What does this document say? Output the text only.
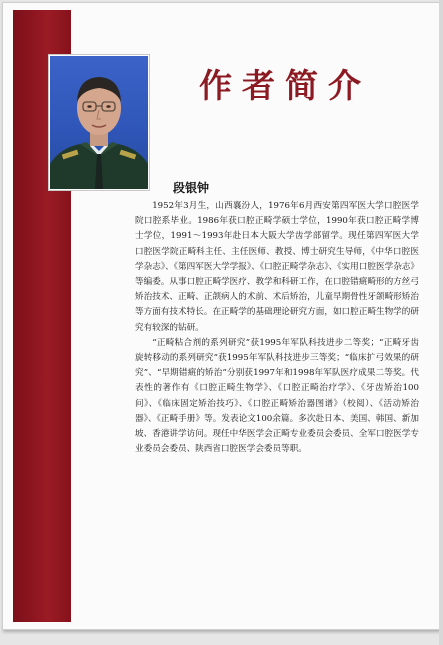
作者简介
段银钟

1952年3月生，山西襄汾人，1976年6月西安第四军医大学口腔医学院口腔系毕业。1986年获口腔正畸学硕士学位，1990年获口腔正畸学博士学位，1991～1993年赴日本大阪大学齿学部留学。现任第四军医大学口腔医学院正畸科主任、主任医师、教授、博士研究生导师，《中华口腔医学杂志》、《第四军医大学学报》、《口腔正畸学杂志》、《实用口腔医学杂志》等编委。从事口腔正畸学医疗、教学和科研工作，在口腔错㿀畸形的方丝弓矫治技术、正畸、正颌病人的术前、术后矫治，儿童早期骨性牙颌畸形矫治等方面有技术特长。在正畸学的基础理论研究方面，如口腔正畸生物学的研究有较深的钻研。

“正畸粘合剂的系列研究”获1995年军队科技进步二等奖；“正畸牙齿旋转移动的系列研究”获1995年军队科技进步三等奖；“临床扩弓效果的研究”、“早期错㿀的矫治”分别获1997年和1998年军队医疗成果二等奖。代表性的著作有《口腔正畸生物学》、《口腔正畸治疗学》、《牙齿矫治100问》、《临床固定矫治技巧》、《口腔正畸矫治器图谱》（校阅）、《活动矫治器》、《正畸手册》等。发表论文100余篇。多次赴日本、美国、韩国、新加坡、香港讲学访问。现任中华医学会正畸专业委员会委员、全军口腔医学专业委员会委员、陕西省口腔医学会委员等职。
